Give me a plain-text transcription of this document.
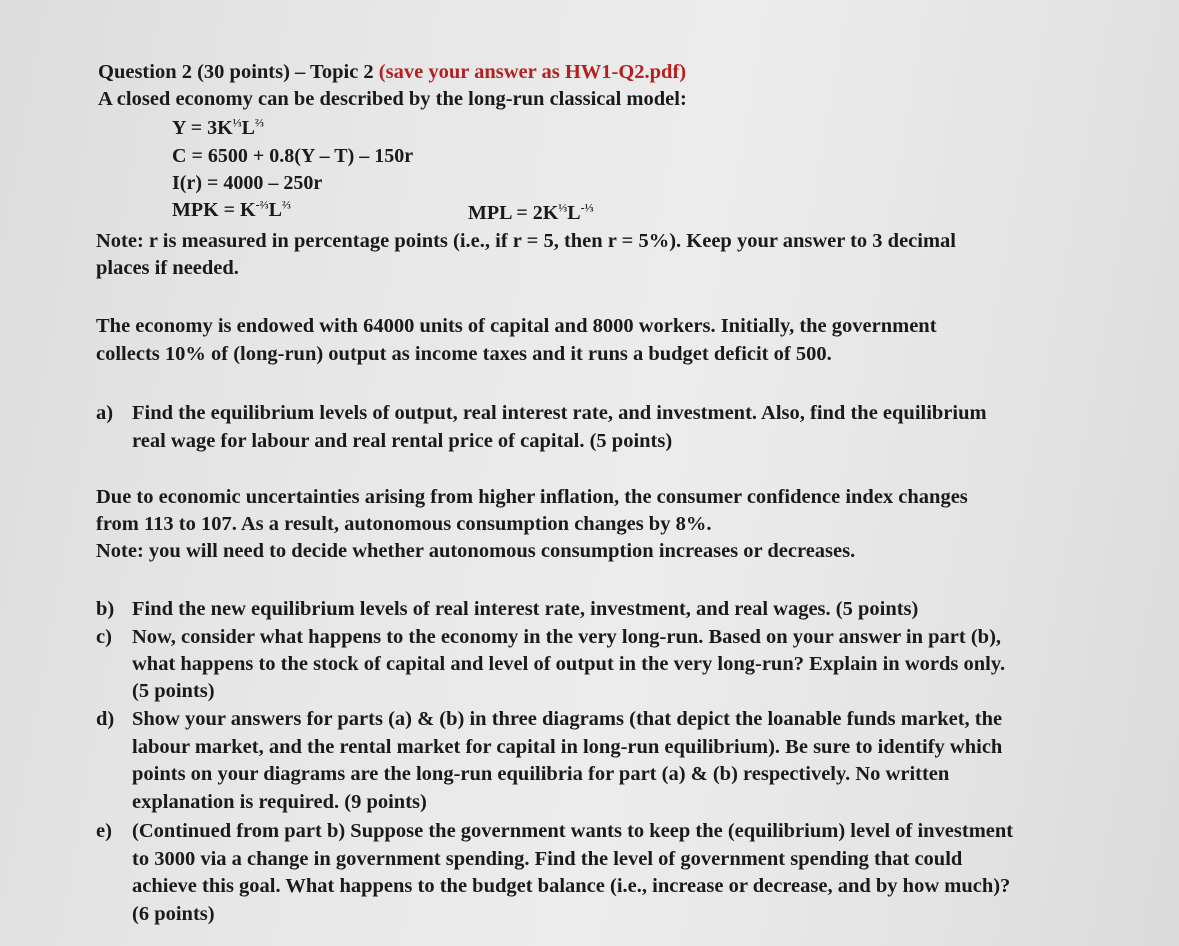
Question 2 (30 points) – Topic 2 (save your answer as HW1-Q2.pdf)

A closed economy can be described by the long-run classical model:

$Y = 3K^{\frac{1}{3}}L^{\frac{2}{3}}$

C = 6500 + 0.8(Y – T) – 150r

I(r) = 4000 – 250r

MPK = $K^{-\frac{2}{3}}L^{\frac{2}{3}}$	MPL = $2K^{\frac{1}{3}}L^{-\frac{1}{3}}$

Note: r is measured in percentage points (i.e., if r = 5, then r = 5%). Keep your answer to 3 decimal

places if needed.

The economy is endowed with 64000 units of capital and 8000 workers. Initially, the government

collects 10% of (long-run) output as income taxes and it runs a budget deficit of 500.

a) Find the equilibrium levels of output, real interest rate, and investment. Also, find the equilibrium

real wage for labour and real rental price of capital. (5 points)

Due to economic uncertainties arising from higher inflation, the consumer confidence index changes

from 113 to 107. As a result, autonomous consumption changes by 8%.

Note: you will need to decide whether autonomous consumption increases or decreases.

b) Find the new equilibrium levels of real interest rate, investment, and real wages. (5 points)

c) Now, consider what happens to the economy in the very long-run. Based on your answer in part (b),

what happens to the stock of capital and level of output in the very long-run? Explain in words only.

(5 points)

d) Show your answers for parts (a) & (b) in three diagrams (that depict the loanable funds market, the

labour market, and the rental market for capital in long-run equilibrium). Be sure to identify which

points on your diagrams are the long-run equilibria for part (a) & (b) respectively. No written

explanation is required. (9 points)

e) (Continued from part b) Suppose the government wants to keep the (equilibrium) level of investment

to 3000 via a change in government spending. Find the level of government spending that could

achieve this goal. What happens to the budget balance (i.e., increase or decrease, and by how much)?

(6 points)
